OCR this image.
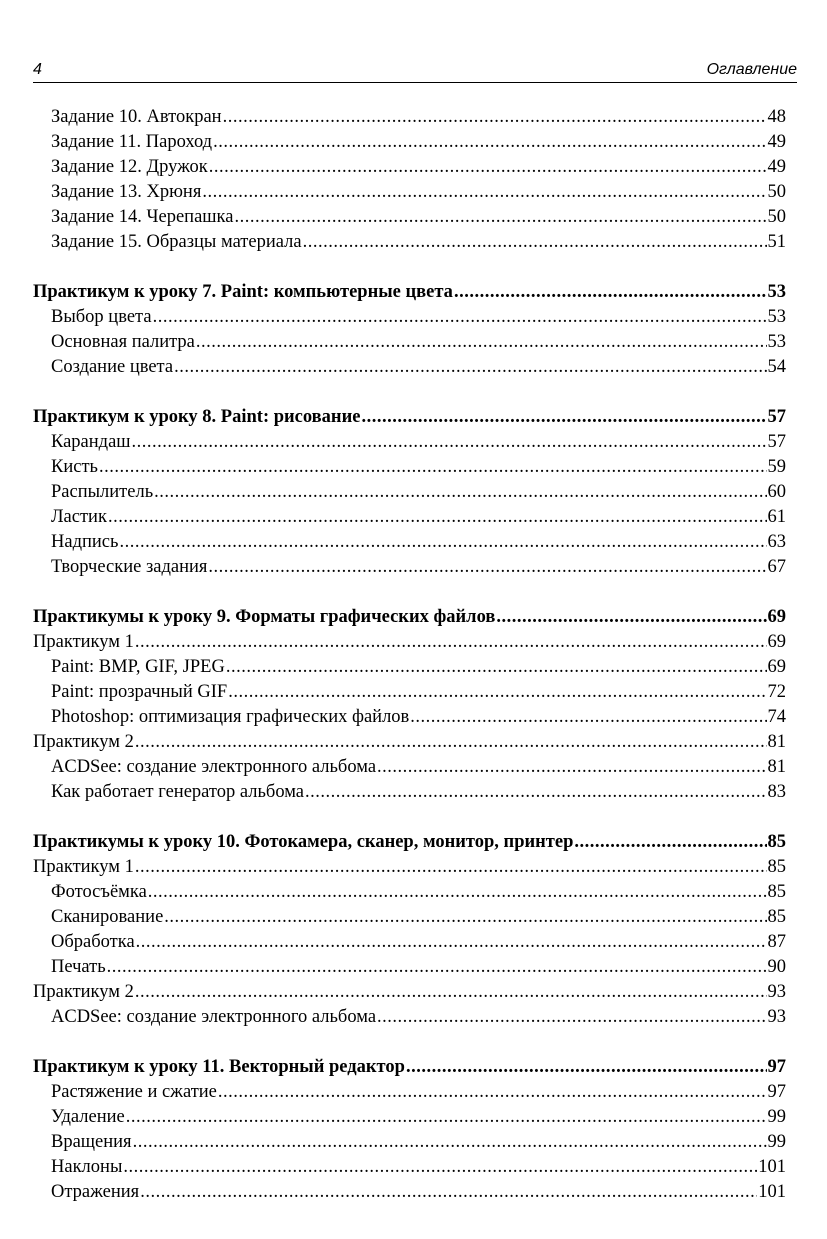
4	Оглавление
Задание 10. Автокран .....	48
Задание 11. Пароход .....	49
Задание 12. Дружок .....	49
Задание 13. Хрюня .....	50
Задание 14. Черепашка .....	50
Задание 15. Образцы материала .....	51
Практикум к уроку 7. Paint: компьютерные цвета .....	53
Выбор цвета .....	53
Основная палитра .....	53
Создание цвета .....	54
Практикум к уроку 8. Paint: рисование .....	57
Карандаш .....	57
Кисть .....	59
Распылитель .....	60
Ластик .....	61
Надпись .....	63
Творческие задания .....	67
Практикумы к уроку 9. Форматы графических файлов .....	69
Практикум 1 .....	69
Paint: BMP, GIF, JPEG .....	69
Paint: прозрачный GIF .....	72
Photoshop: оптимизация графических файлов .....	74
Практикум 2 .....	81
ACDSee: создание электронного альбома .....	81
Как работает генератор альбома .....	83
Практикумы к уроку 10. Фотокамера, сканер, монитор, принтер .....	85
Практикум 1 .....	85
Фотосъёмка .....	85
Сканирование .....	85
Обработка .....	87
Печать .....	90
Практикум 2 .....	93
ACDSee: создание электронного альбома .....	93
Практикум к уроку 11. Векторный редактор .....	97
Растяжение и сжатие .....	97
Удаление .....	99
Вращения .....	99
Наклоны .....	101
Отражения .....	101
